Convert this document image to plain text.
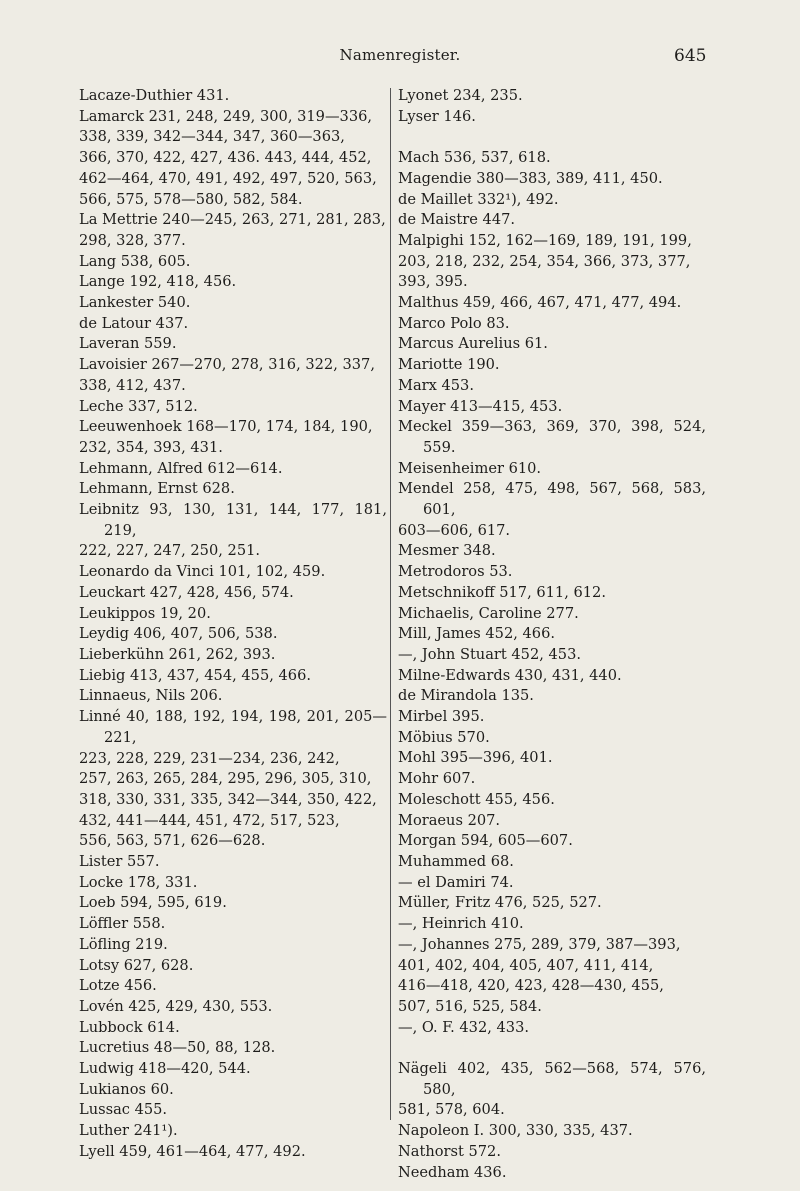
Namenregister.	645
Lacaze-Duthier 431.
Lamarck 231, 248, 249, 300, 319—336,
338, 339, 342—344, 347, 360—363,
366, 370, 422, 427, 436. 443, 444, 452,
462—464, 470, 491, 492, 497, 520, 563,
566, 575, 578—580, 582, 584.
La Mettrie 240—245, 263, 271, 281, 283,
298, 328, 377.
Lang 538, 605.
Lange 192, 418, 456.
Lankester 540.
de Latour 437.
Laveran 559.
Lavoisier 267—270, 278, 316, 322, 337,
338, 412, 437.
Leche 337, 512.
Leeuwenhoek 168—170, 174, 184, 190,
232, 354, 393, 431.
Lehmann, Alfred 612—614.
Lehmann, Ernst 628.
Leibnitz 93, 130, 131, 144, 177, 181, 219,
222, 227, 247, 250, 251.
Leonardo da Vinci 101, 102, 459.
Leuckart 427, 428, 456, 574.
Leukippos 19, 20.
Leydig 406, 407, 506, 538.
Lieberkühn 261, 262, 393.
Liebig 413, 437, 454, 455, 466.
Linnaeus, Nils 206.
Linné 40, 188, 192, 194, 198, 201, 205—221,
223, 228, 229, 231—234, 236, 242,
257, 263, 265, 284, 295, 296, 305, 310,
318, 330, 331, 335, 342—344, 350, 422,
432, 441—444, 451, 472, 517, 523,
556, 563, 571, 626—628.
Lister 557.
Locke 178, 331.
Loeb 594, 595, 619.
Löffler 558.
Löfling 219.
Lotsy 627, 628.
Lotze 456.
Lovén 425, 429, 430, 553.
Lubbock 614.
Lucretius 48—50, 88, 128.
Ludwig 418—420, 544.
Lukianos 60.
Lussac 455.
Luther 241¹).
Lyell 459, 461—464, 477, 492.
Lyonet 234, 235.
Lyser 146.
Mach 536, 537, 618.
Magendie 380—383, 389, 411, 450.
de Maillet 332¹), 492.
de Maistre 447.
Malpighi 152, 162—169, 189, 191, 199,
203, 218, 232, 254, 354, 366, 373, 377,
393, 395.
Malthus 459, 466, 467, 471, 477, 494.
Marco Polo 83.
Marcus Aurelius 61.
Mariotte 190.
Marx 453.
Mayer 413—415, 453.
Meckel 359—363, 369, 370, 398, 524, 559.
Meisenheimer 610.
Mendel 258, 475, 498, 567, 568, 583, 601,
603—606, 617.
Mesmer 348.
Metrodoros 53.
Metschnikoff 517, 611, 612.
Michaelis, Caroline 277.
Mill, James 452, 466.
—, John Stuart 452, 453.
Milne-Edwards 430, 431, 440.
de Mirandola 135.
Mirbel 395.
Möbius 570.
Mohl 395—396, 401.
Mohr 607.
Moleschott 455, 456.
Moraeus 207.
Morgan 594, 605—607.
Muhammed 68.
— el Damiri 74.
Müller, Fritz 476, 525, 527.
—, Heinrich 410.
—, Johannes 275, 289, 379, 387—393,
401, 402, 404, 405, 407, 411, 414,
416—418, 420, 423, 428—430, 455,
507, 516, 525, 584.
—, O. F. 432, 433.
Nägeli 402, 435, 562—568, 574, 576, 580,
581, 578, 604.
Napoleon I. 300, 330, 335, 437.
Nathorst 572.
Needham 436.
